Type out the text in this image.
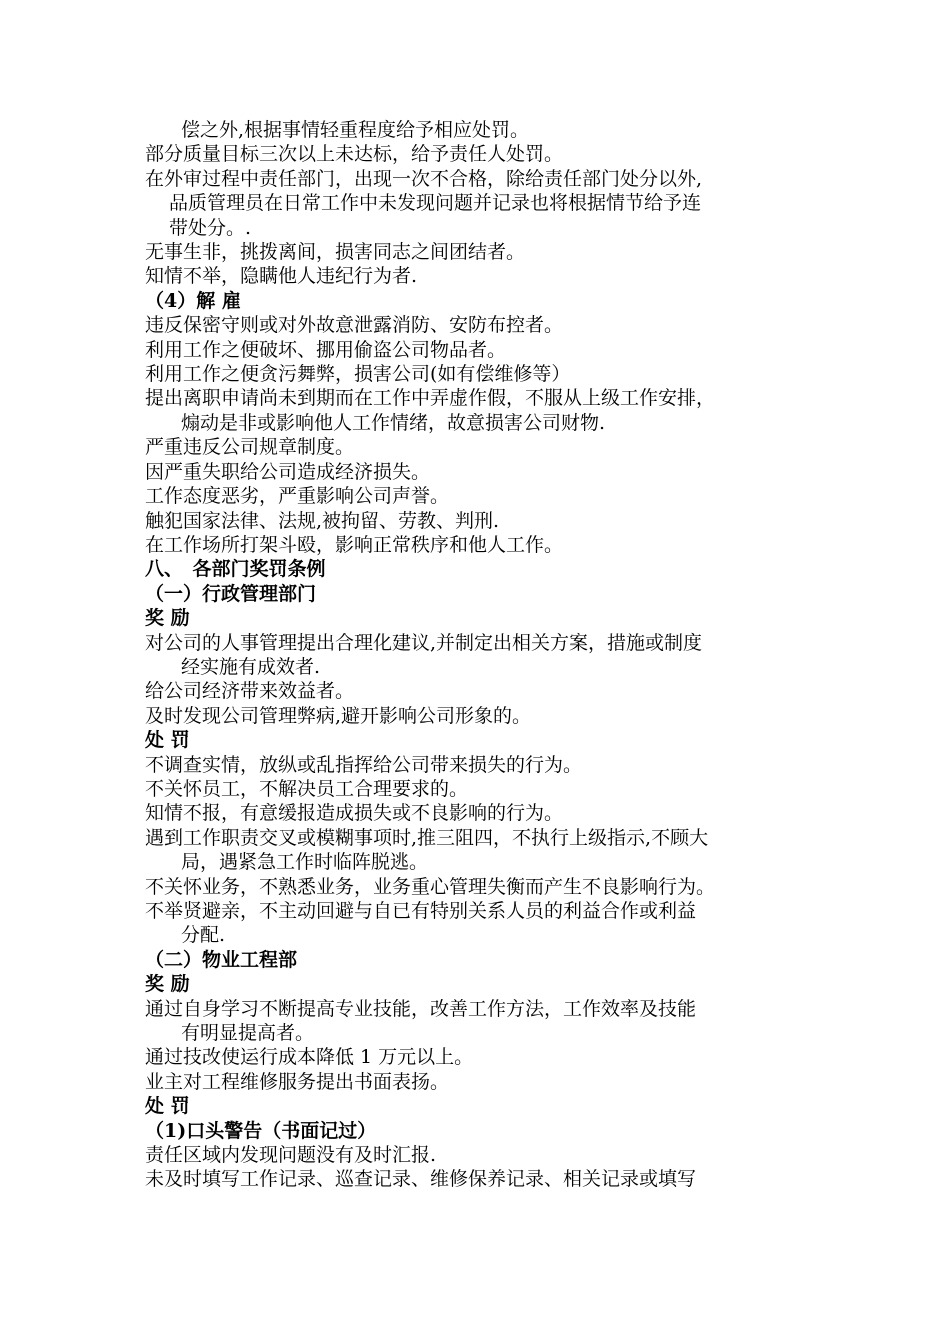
偿之外,根据事情轻重程度给予相应处罚。
部分质量目标三次以上未达标，给予责任人处罚。
在外审过程中责任部门，出现一次不合格，除给责任部门处分以外,
品质管理员在日常工作中未发现问题并记录也将根据情节给予连
带处分。.
无事生非，挑拨离间，损害同志之间团结者。
知情不举，隐瞒他人违纪行为者.
（4）解 雇
违反保密守则或对外故意泄露消防、安防布控者。
利用工作之便破坏、挪用偷盗公司物品者。
利用工作之便贪污舞弊，损害公司(如有偿维修等）
提出离职申请尚未到期而在工作中弄虚作假，不服从上级工作安排，
煽动是非或影响他人工作情绪，故意损害公司财物.
严重违反公司规章制度。
因严重失职给公司造成经济损失。
工作态度恶劣，严重影响公司声誉。
触犯国家法律、法规,被拘留、劳教、判刑.
在工作场所打架斗殴，影响正常秩序和他人工作。
八、　各部门奖罚条例
（一）行政管理部门
奖 励
对公司的人事管理提出合理化建议,并制定出相关方案，措施或制度
经实施有成效者.
给公司经济带来效益者。
及时发现公司管理弊病,避开影响公司形象的。
处 罚
不调查实情，放纵或乱指挥给公司带来损失的行为。
不关怀员工，不解决员工合理要求的。
知情不报，有意缓报造成损失或不良影响的行为。
遇到工作职责交叉或模糊事项时,推三阻四，不执行上级指示,不顾大
局，遇紧急工作时临阵脱逃。
不关怀业务，不熟悉业务，业务重心管理失衡而产生不良影响行为。
不举贤避亲，不主动回避与自已有特别关系人员的利益合作或利益
分配.
（二）物业工程部
奖 励
通过自身学习不断提高专业技能，改善工作方法，工作效率及技能
有明显提高者。
通过技改使运行成本降低 1 万元以上。
业主对工程维修服务提出书面表扬。
处 罚
（1)口头警告（书面记过）
责任区域内发现问题没有及时汇报.
未及时填写工作记录、巡查记录、维修保养记录、相关记录或填写
